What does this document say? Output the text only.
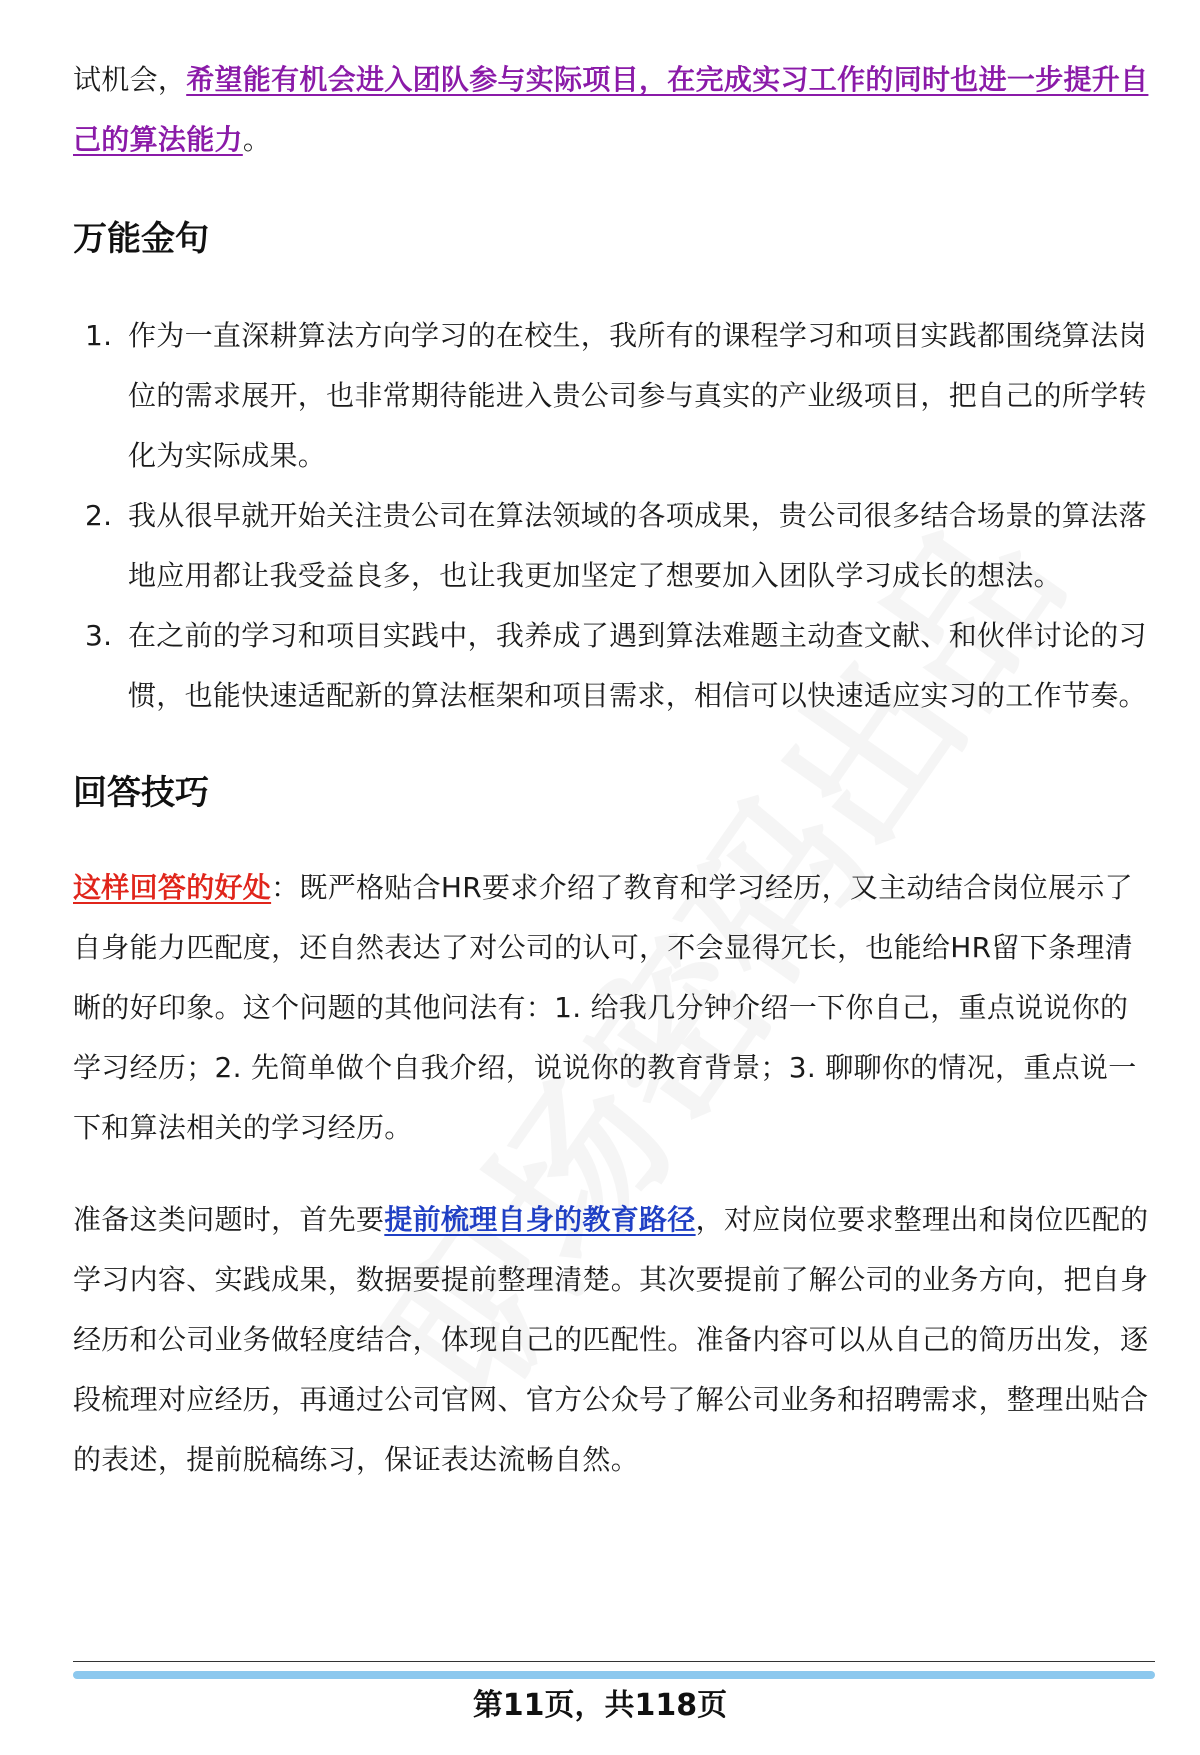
试机会，希望能有机会进入团队参与实际项目，在完成实习工作的同时也进一步提升自己的算法能力。

万能金句
1. 作为一直深耕算法方向学习的在校生，我所有的课程学习和项目实践都围绕算法岗位的需求展开，也非常期待能进入贵公司参与真实的产业级项目，把自己的所学转化为实际成果。
2. 我从很早就开始关注贵公司在算法领域的各项成果，贵公司很多结合场景的算法落地应用都让我受益良多，也让我更加坚定了想要加入团队学习成长的想法。
3. 在之前的学习和项目实践中，我养成了遇到算法难题主动查文献、和伙伴讨论的习惯，也能快速适配新的算法框架和项目需求，相信可以快速适应实习的工作节奏。
回答技巧

这样回答的好处：既严格贴合HR要求介绍了教育和学习经历，又主动结合岗位展示了自身能力匹配度，还自然表达了对公司的认可，不会显得冗长，也能给HR留下条理清晰的好印象。这个问题的其他问法有：1. 给我几分钟介绍一下你自己，重点说说你的学习经历；2. 先简单做个自我介绍，说说你的教育背景；3. 聊聊你的情况，重点说一下和算法相关的学习经历。

准备这类问题时，首先要提前梳理自身的教育路径，对应岗位要求整理出和岗位匹配的学习内容、实践成果，数据要提前整理清楚。其次要提前了解公司的业务方向，把自身经历和公司业务做轻度结合，体现自己的匹配性。准备内容可以从自己的简历出发，逐段梳理对应经历，再通过公司官网、官方公众号了解公司业务和招聘需求，整理出贴合的表述，提前脱稿练习，保证表达流畅自然。

第11页，共118页
